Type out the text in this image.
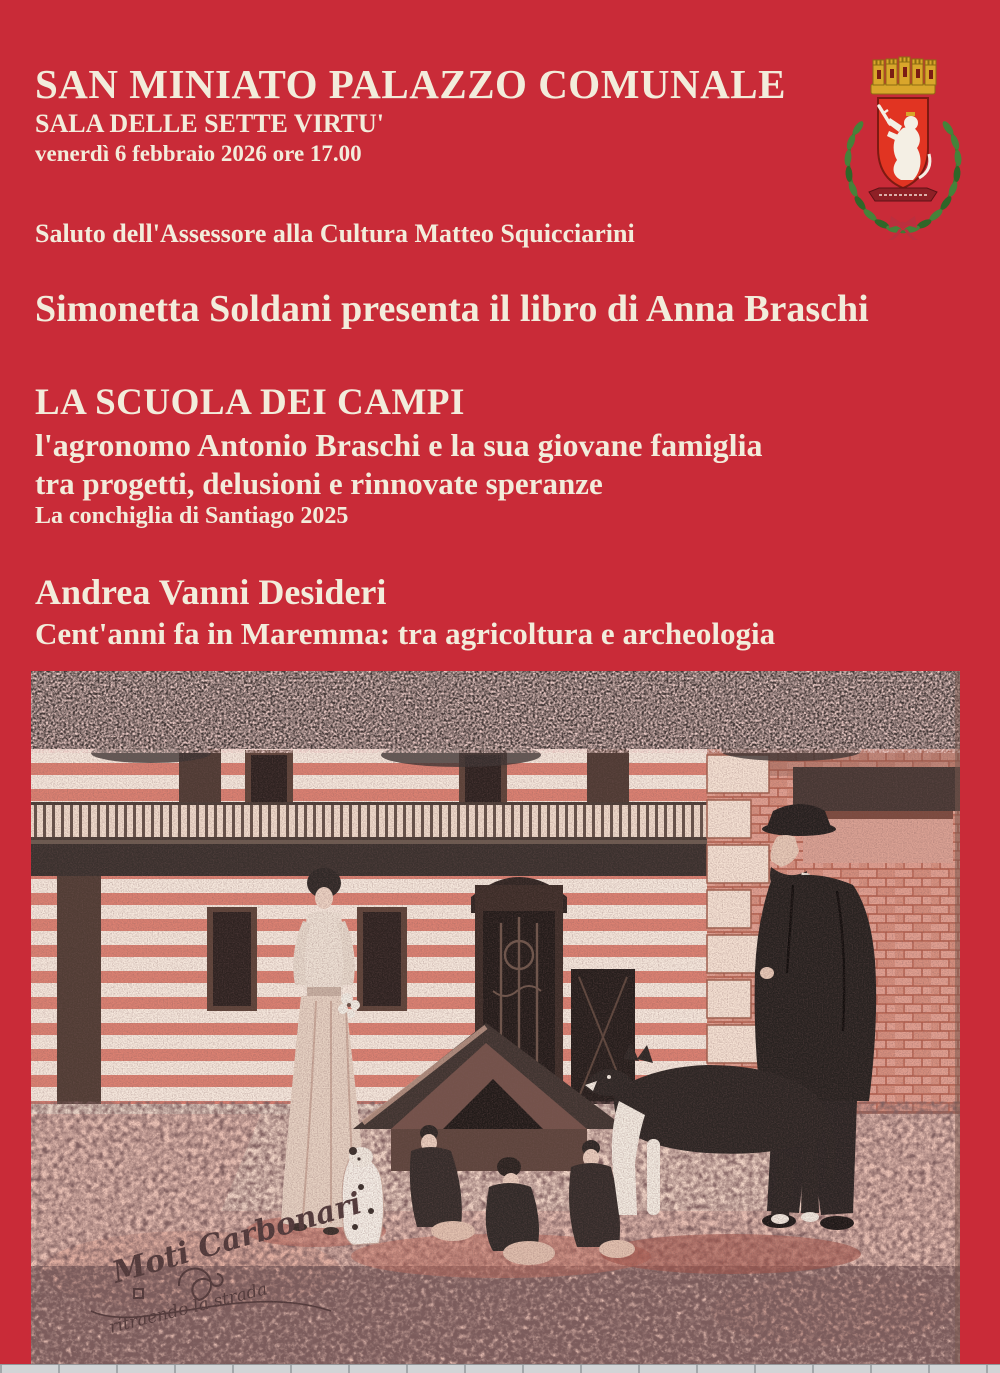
SAN MINIATO PALAZZO COMUNALE
SALA DELLE SETTE VIRTU'
venerdì 6 febbraio 2026 ore 17.00
Saluto dell'Assessore alla Cultura Matteo Squicciarini
Simonetta Soldani presenta il libro di Anna Braschi
LA SCUOLA DEI CAMPI
l'agronomo Antonio Braschi e la sua giovane famiglia
tra progetti, delusioni e rinnovate speranze
La conchiglia di Santiago 2025
Andrea Vanni Desideri
Cent'anni fa in Maremma: tra agricoltura e archeologia
